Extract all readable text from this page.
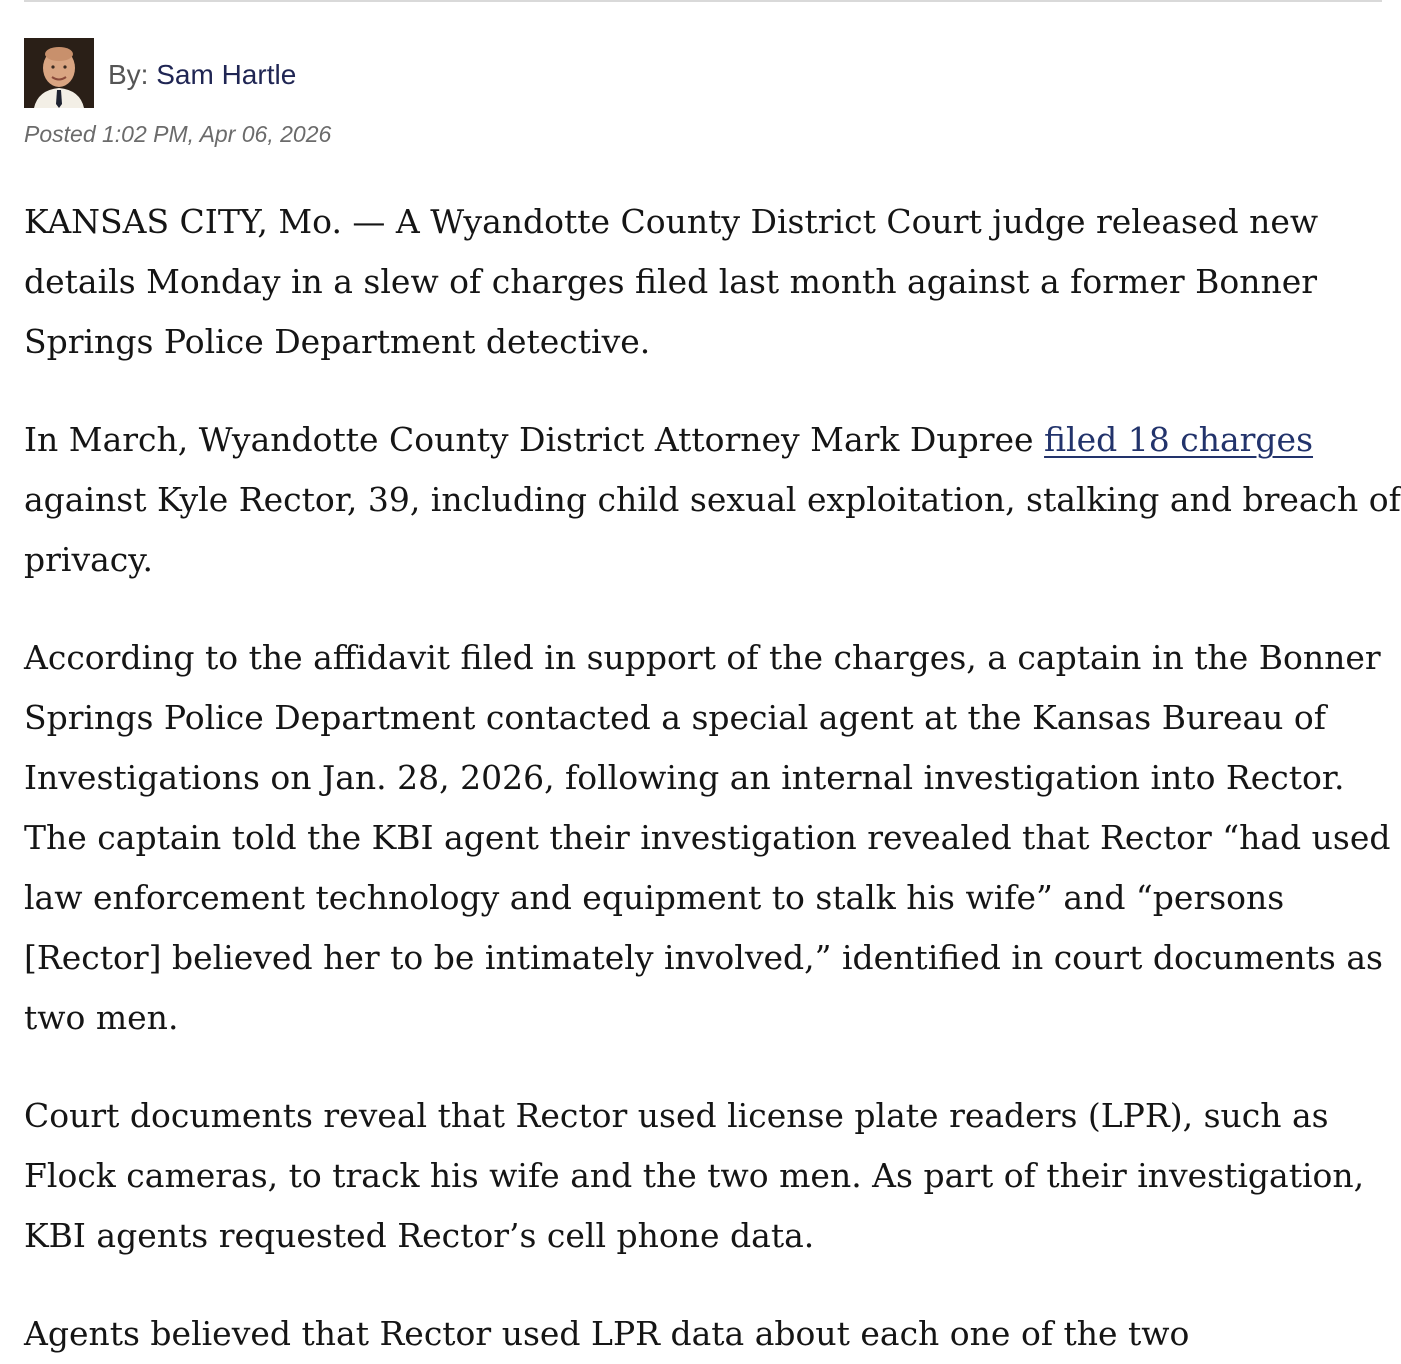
By: Sam Hartle
Posted 1:02 PM, Apr 06, 2026

KANSAS CITY, Mo. — A Wyandotte County District Court judge released new
details Monday in a slew of charges filed last month against a former Bonner
Springs Police Department detective.

In March, Wyandotte County District Attorney Mark Dupree filed 18 charges
against Kyle Rector, 39, including child sexual exploitation, stalking and breach of
privacy.

According to the affidavit filed in support of the charges, a captain in the Bonner
Springs Police Department contacted a special agent at the Kansas Bureau of
Investigations on Jan. 28, 2026, following an internal investigation into Rector.
The captain told the KBI agent their investigation revealed that Rector “had used
law enforcement technology and equipment to stalk his wife” and “persons
[Rector] believed her to be intimately involved,” identified in court documents as
two men.

Court documents reveal that Rector used license plate readers (LPR), such as
Flock cameras, to track his wife and the two men. As part of their investigation,
KBI agents requested Rector’s cell phone data.

Agents believed that Rector used LPR data about each one of the two
